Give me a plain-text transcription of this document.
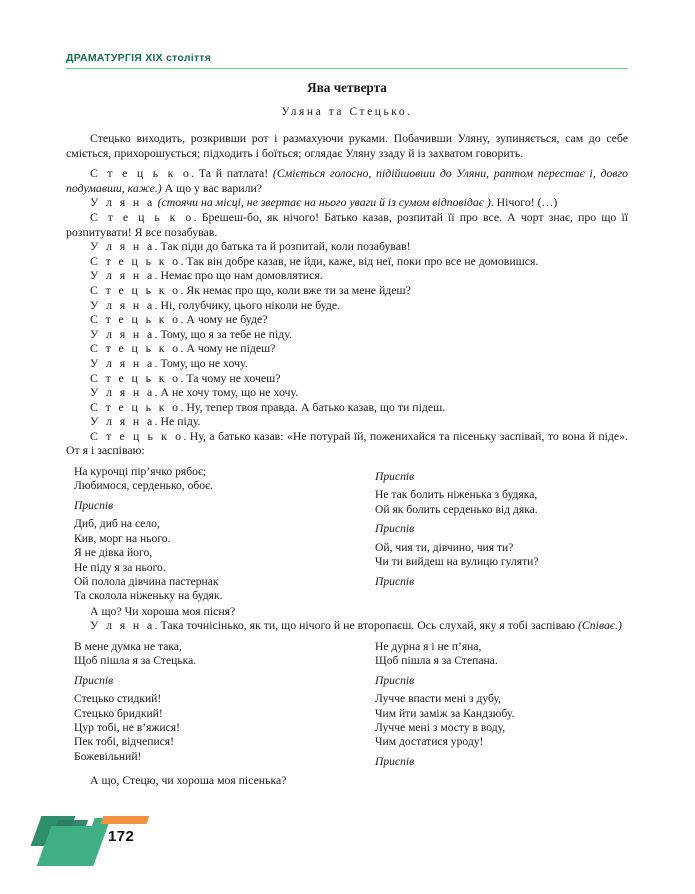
ДРАМАТУРГІЯ XIX століття
Ява четверта
Уляна та Стецько.

Стецько виходить, розкривши рот і размахуючи руками. Побачивши Уляну, зупиняється, сам до себе сміється, прихорошується; підходить і боїться; оглядає Уляну ззаду й із захватом говорить.

С т е ц ь к о. Та й патлата! (Сміється голосно, підійшовши до Уляни, раптом перестає і, довго подумавши, каже.) А що у вас варили?

У л я н а (стоячи на місці, не звертає на нього уваги й із сумом відповідає ). Нічого! (…)

С т е ц ь к о. Брешеш-бо, як нічого! Батько казав, розпитай її про все. А чорт знає, про що її розпитувати! Я все позабував.

У л я н а. Так піди до батька та й розпитай, коли позабував!

С т е ц ь к о. Так він добре казав, не йди, каже, від неї, поки про все не домовишся.

У л я н а. Немає про що нам домовлятися.

С т е ц ь к о. Як немає про що, коли вже ти за мене йдеш?

У л я н а. Ні, голубчику, цього ніколи не буде.

С т е ц ь к о. А чому не буде?

У л я н а. Тому, що я за тебе не піду.

С т е ц ь к о. А чому не підеш?

У л я н а. Тому, що не хочу.

С т е ц ь к о. Та чому не хочеш?

У л я н а. А не хочу тому, що не хочу.

С т е ц ь к о. Ну, тепер твоя правда. А батько казав, що ти підеш.

У л я н а. Не піду.

С т е ц ь к о. Ну, а батько казав: «Не потурай їй, поженихайся та пісеньку заспівай, то вона й піде». От я і заспіваю:

На курочці пір’ячко рябоє;
Любимося, серденько, обоє.
Приспів
Диб, диб на село,
Кив, морг на нього.
Я не дівка його,
Не піду я за нього.
Ой полола дівчина пастернак
Та сколола ніженьку на будяк.
Приспів
Не так болить ніженька з будяка,
Ой як болить серденько від дяка.
Приспів
Ой, чия ти, дівчино, чия ти?
Чи ти вийдеш на вулицю гуляти?
Приспів

А що? Чи хороша моя пісня?

У л я н а. Така точнісінько, як ти, що нічого й не второпаєш. Ось слухай, яку я тобі заспіваю (Співає.)

В мене думка не така,
Щоб пішла я за Стецька.
Приспів
Стецько стидкий!
Стецько бридкий!
Цур тобі, не в’яжися!
Пек тобі, відчепися!
Божевільний!
Не дурна я і не п’яна,
Щоб пішла я за Степана.
Приспів
Лучче впасти мені з дубу,
Чим йти заміж за Кандзюбу.
Лучче мені з мосту в воду,
Чим достатися уроду!
Приспів

А що, Стецю, чи хороша моя пісенька?

172
